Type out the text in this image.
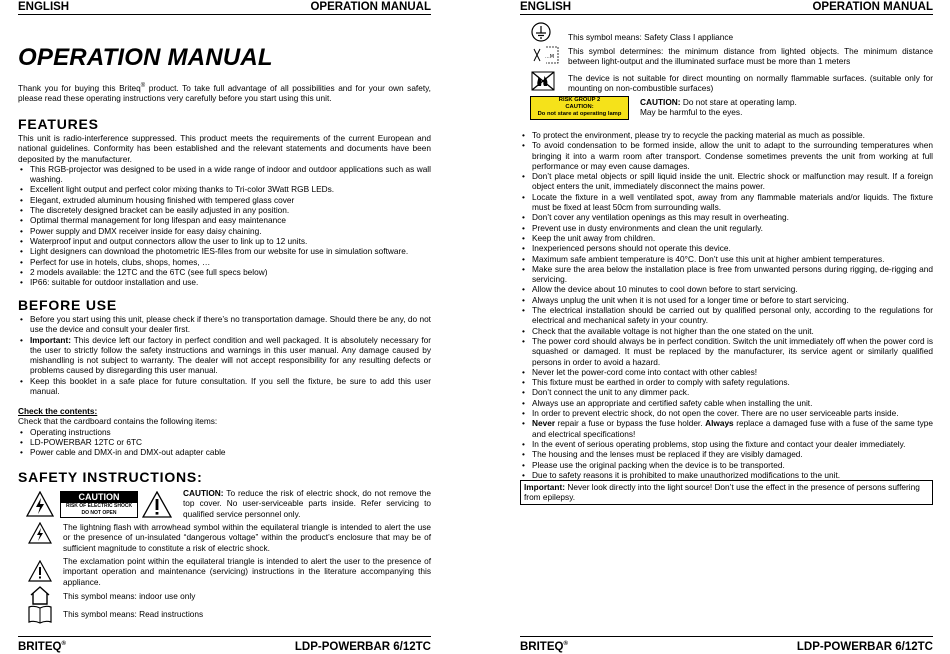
ENGLISH	OPERATION MANUAL
OPERATION MANUAL
Thank you for buying this Briteq® product. To take full advantage of all possibilities and for your own safety, please read these operating instructions very carefully before you start using this unit.
FEATURES
This unit is radio-interference suppressed. This product meets the requirements of the current European and national guidelines. Conformity has been established and the relevant statements and documents have been deposited by the manufacturer.
• This RGB-projector was designed to be used in a wide range of indoor and outdoor applications such as wall washing.
• Excellent light output and perfect color mixing thanks to Tri-color 3Watt RGB LEDs.
• Elegant, extruded aluminum housing finished with tempered glass cover
• The discretely designed bracket can be easily adjusted in any position.
• Optimal thermal management for long lifespan and easy maintenance
• Power supply and DMX receiver inside for easy daisy chaining.
• Waterproof input and output connectors allow the user to link up to 12 units.
• Light designers can download the photometric IES-files from our website for use in simulation software.
• Perfect for use in hotels, clubs, shops, homes, …
• 2 models available: the 12TC and the 6TC (see full specs below)
• IP66: suitable for outdoor installation and use.
BEFORE USE
• Before you start using this unit, please check if there’s no transportation damage. Should there be any, do not use the device and consult your dealer first.
• Important: This device left our factory in perfect condition and well packaged. It is absolutely necessary for the user to strictly follow the safety instructions and warnings in this user manual. Any damage caused by mishandling is not subject to warranty. The dealer will not accept responsibility for any resulting defects or problems caused by disregarding this user manual.
• Keep this booklet in a safe place for future consultation. If you sell the fixture, be sure to add this user manual.
Check the contents:
Check that the cardboard contains the following items:
• Operating instructions
• LD-POWERBAR 12TC or 6TC
• Power cable and DMX-in and DMX-out adapter cable
SAFETY INSTRUCTIONS:
CAUTION
RISK OF ELECTRIC SHOCK
DO NOT OPEN
CAUTION: To reduce the risk of electric shock, do not remove the top cover. No user-serviceable parts inside. Refer servicing to qualified service personnel only.
The lightning flash with arrowhead symbol within the equilateral triangle is intended to alert the use or the presence of un-insulated “dangerous voltage” within the product’s enclosure that may be of sufficient magnitude to constitute a risk of electric shock.
The exclamation point within the equilateral triangle is intended to alert the user to the presence of important operation and maintenance (servicing) instructions in the literature accompanying this appliance.
This symbol means: indoor use only
This symbol means: Read instructions
BRITEQ®	LDP-POWERBAR 6/12TC
ENGLISH	OPERATION MANUAL
This symbol means: Safety Class I appliance
...M
This symbol determines: the minimum distance from lighted objects. The minimum distance between light-output and the illuminated surface must be more than 1 meters
The device is not suitable for direct mounting on normally flammable surfaces. (suitable only for mounting on non-combustible surfaces)
RISK GROUP 2
CAUTION:
Do not stare at operating lamp
CAUTION: Do not stare at operating lamp.
May be harmful to the eyes.
• To protect the environment, please try to recycle the packing material as much as possible.
• To avoid condensation to be formed inside, allow the unit to adapt to the surrounding temperatures when bringing it into a warm room after transport. Condense sometimes prevents the unit from working at full performance or may even cause damages.
• Don’t place metal objects or spill liquid inside the unit. Electric shock or malfunction may result. If a foreign object enters the unit, immediately disconnect the mains power.
• Locate the fixture in a well ventilated spot, away from any flammable materials and/or liquids. The fixture must be fixed at least 50cm from surrounding walls.
• Don’t cover any ventilation openings as this may result in overheating.
• Prevent use in dusty environments and clean the unit regularly.
• Keep the unit away from children.
• Inexperienced persons should not operate this device.
• Maximum safe ambient temperature is 40°C. Don’t use this unit at higher ambient temperatures.
• Make sure the area below the installation place is free from unwanted persons during rigging, de-rigging and servicing.
• Allow the device about 10 minutes to cool down before to start servicing.
• Always unplug the unit when it is not used for a longer time or before to start servicing.
• The electrical installation should be carried out by qualified personal only, according to the regulations for electrical and mechanical safety in your country.
• Check that the available voltage is not higher than the one stated on the unit.
• The power cord should always be in perfect condition. Switch the unit immediately off when the power cord is squashed or damaged. It must be replaced by the manufacturer, its service agent or similarly qualified persons in order to avoid a hazard.
• Never let the power-cord come into contact with other cables!
• This fixture must be earthed in order to comply with safety regulations.
• Don’t connect the unit to any dimmer pack.
• Always use an appropriate and certified safety cable when installing the unit.
• In order to prevent electric shock, do not open the cover. There are no user serviceable parts inside.
• Never repair a fuse or bypass the fuse holder. Always replace a damaged fuse with a fuse of the same type and electrical specifications!
• In the event of serious operating problems, stop using the fixture and contact your dealer immediately.
• The housing and the lenses must be replaced if they are visibly damaged.
• Please use the original packing when the device is to be transported.
• Due to safety reasons it is prohibited to make unauthorized modifications to the unit.
Important: Never look directly into the light source! Don’t use the effect in the presence of persons suffering from epilepsy.
BRITEQ®	LDP-POWERBAR 6/12TC
